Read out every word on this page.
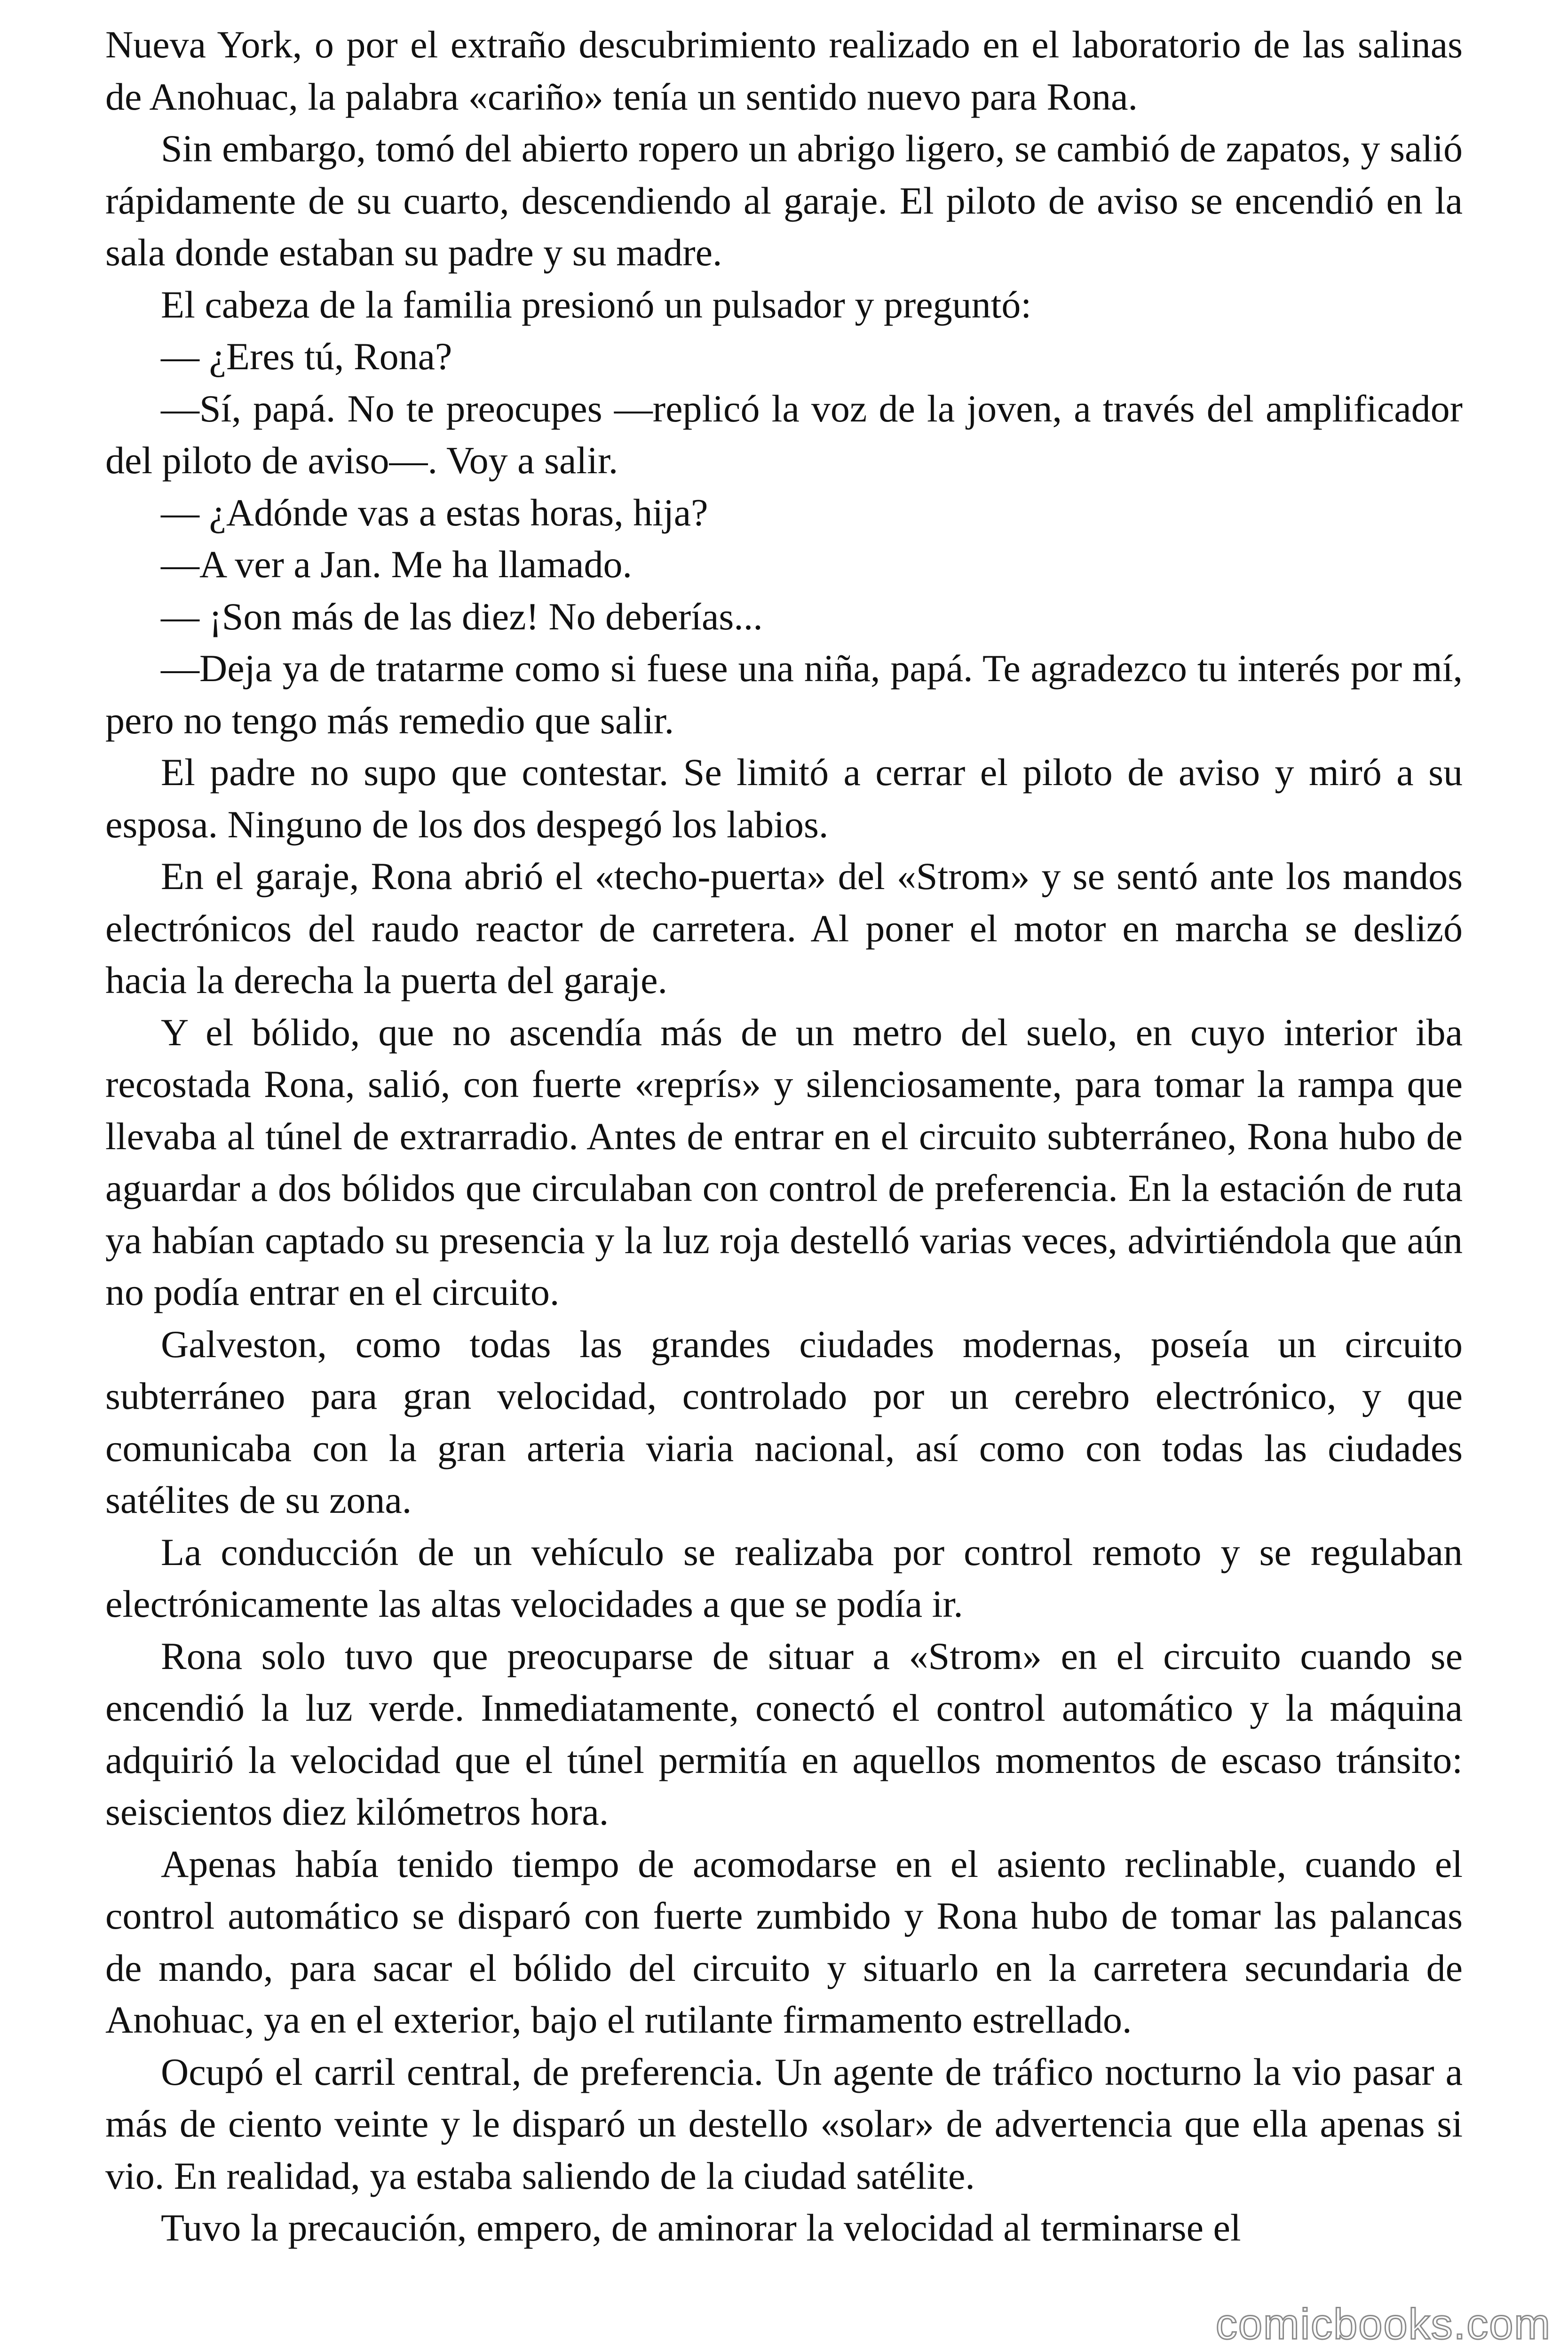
Nueva York, o por el extraño descubrimiento realizado en el laboratorio de las salinas de Anohuac, la palabra «cariño» tenía un sentido nuevo para Rona.

Sin embargo, tomó del abierto ropero un abrigo ligero, se cambió de zapatos, y salió rápidamente de su cuarto, descendiendo al garaje. El piloto de aviso se encendió en la sala donde estaban su padre y su madre.

El cabeza de la familia presionó un pulsador y preguntó:

— ¿Eres tú, Rona?

—Sí, papá. No te preocupes —replicó la voz de la joven, a través del amplificador del piloto de aviso—. Voy a salir.

— ¿Adónde vas a estas horas, hija?

—A ver a Jan. Me ha llamado.

— ¡Son más de las diez! No deberías...

—Deja ya de tratarme como si fuese una niña, papá. Te agradezco tu interés por mí, pero no tengo más remedio que salir.

El padre no supo que contestar. Se limitó a cerrar el piloto de aviso y miró a su esposa. Ninguno de los dos despegó los labios.

En el garaje, Rona abrió el «techo-puerta» del «Strom» y se sentó ante los mandos electrónicos del raudo reactor de carretera. Al poner el motor en marcha se deslizó hacia la derecha la puerta del garaje.

Y el bólido, que no ascendía más de un metro del suelo, en cuyo interior iba recostada Rona, salió, con fuerte «reprís» y silenciosamente, para tomar la rampa que llevaba al túnel de extrarradio. Antes de entrar en el circuito subterráneo, Rona hubo de aguardar a dos bólidos que circulaban con control de preferencia. En la estación de ruta ya habían captado su presencia y la luz roja destelló varias veces, advirtiéndola que aún no podía entrar en el circuito.

Galveston, como todas las grandes ciudades modernas, poseía un circuito subterráneo para gran velocidad, controlado por un cerebro electrónico, y que comunicaba con la gran arteria viaria nacional, así como con todas las ciudades satélites de su zona.

La conducción de un vehículo se realizaba por control remoto y se regulaban electrónicamente las altas velocidades a que se podía ir.

Rona solo tuvo que preocuparse de situar a «Strom» en el circuito cuando se encendió la luz verde. Inmediatamente, conectó el control automático y la máquina adquirió la velocidad que el túnel permitía en aquellos momentos de escaso tránsito: seiscientos diez kilómetros hora.

Apenas había tenido tiempo de acomodarse en el asiento reclinable, cuando el control automático se disparó con fuerte zumbido y Rona hubo de tomar las palancas de mando, para sacar el bólido del circuito y situarlo en la carretera secundaria de Anohuac, ya en el exterior, bajo el rutilante firmamento estrellado.

Ocupó el carril central, de preferencia. Un agente de tráfico nocturno la vio pasar a más de ciento veinte y le disparó un destello «solar» de advertencia que ella apenas si vio. En realidad, ya estaba saliendo de la ciudad satélite.

Tuvo la precaución, empero, de aminorar la velocidad al terminarse el

comicbooks.com
